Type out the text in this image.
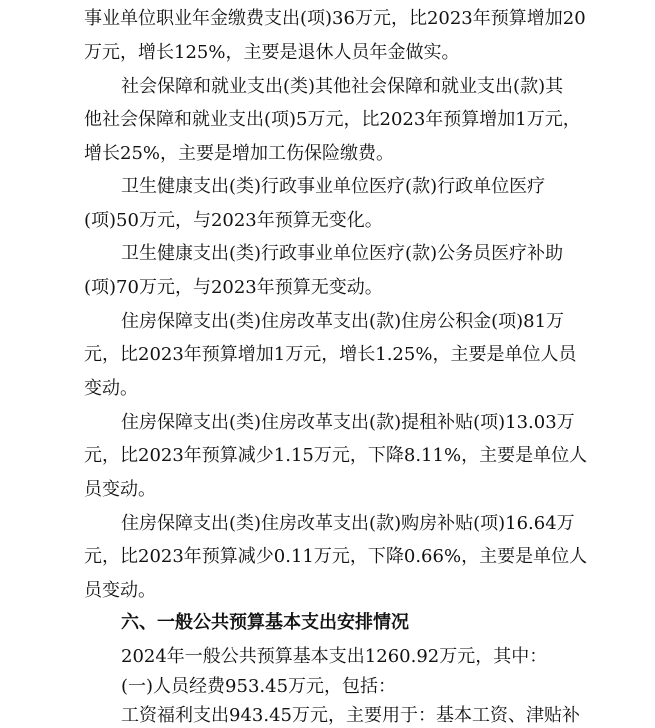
事业单位职业年金缴费支出(项)36万元，比2023年预算增加20
万元，增长125%，主要是退休人员年金做实。
社会保障和就业支出(类)其他社会保障和就业支出(款)其
他社会保障和就业支出(项)5万元，比2023年预算增加1万元，
增长25%，主要是增加工伤保险缴费。
卫生健康支出(类)行政事业单位医疗(款)行政单位医疗
(项)50万元，与2023年预算无变化。
卫生健康支出(类)行政事业单位医疗(款)公务员医疗补助
(项)70万元，与2023年预算无变动。
住房保障支出(类)住房改革支出(款)住房公积金(项)81万
元，比2023年预算增加1万元，增长1.25%，主要是单位人员
变动。
住房保障支出(类)住房改革支出(款)提租补贴(项)13.03万
元，比2023年预算减少1.15万元，下降8.11%，主要是单位人
员变动。
住房保障支出(类)住房改革支出(款)购房补贴(项)16.64万
元，比2023年预算减少0.11万元，下降0.66%，主要是单位人
员变动。
六、一般公共预算基本支出安排情况
2024年一般公共预算基本支出1260.92万元，其中：
(一)人员经费953.45万元，包括：
工资福利支出943.45万元，主要用于：基本工资、津贴补
